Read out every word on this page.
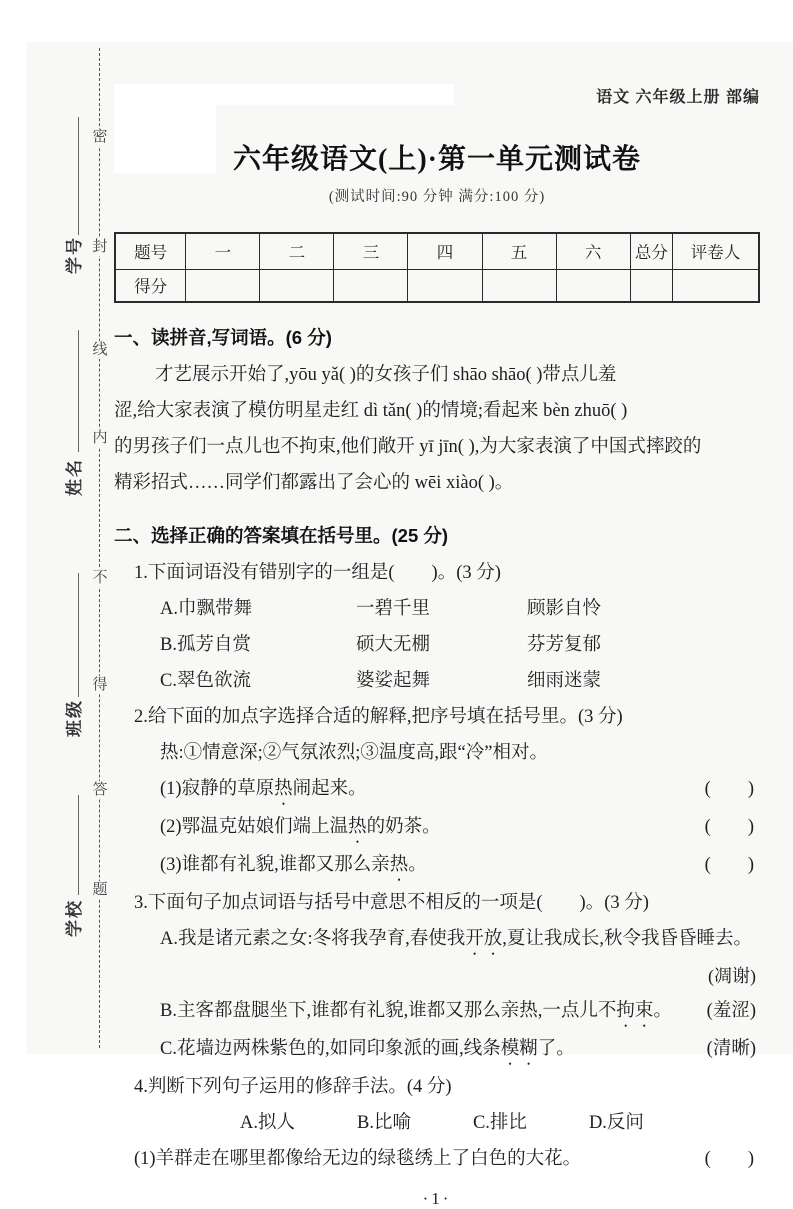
密
封
线
内
不
得
答
题
学号
姓名
班级
学校
语文 六年级上册 部编
六年级语文(上)·第一单元测试卷
(测试时间:90 分钟 满分:100 分)
题号	一	二	三	四	五	六	总分	评卷人
得分								
一、读拼音,写词语。(6 分)
才艺展示开始了,yōu yǎ( )的女孩子们 shāo shāo( )带点儿羞
涩,给大家表演了模仿明星走红 dì tǎn( )的情境;看起来 bèn zhuō( )
的男孩子们一点儿也不拘束,他们敞开 yī jīn( ),为大家表演了中国式摔跤的
精彩招式……同学们都露出了会心的 wēi xiào( )。
二、选择正确的答案填在括号里。(25 分)
1.下面词语没有错别字的一组是(　　)。(3 分)
A.巾飘带舞	一碧千里	顾影自怜
B.孤芳自赏	硕大无棚	芬芳复郁
C.翠色欲流	婆娑起舞	细雨迷蒙
2.给下面的加点字选择合适的解释,把序号填在括号里。(3 分)
热:①情意深;②气氛浓烈;③温度高,跟“冷”相对。
(1)寂静的草原热闹起来。	(　　)
(2)鄂温克姑娘们端上温热的奶茶。	(　　)
(3)谁都有礼貌,谁都又那么亲热。	(　　)
3.下面句子加点词语与括号中意思不相反的一项是(　　)。(3 分)
A.我是诸元素之女:冬将我孕育,春使我开放,夏让我成长,秋令我昏昏睡去。
(凋谢)
B.主客都盘腿坐下,谁都有礼貌,谁都又那么亲热,一点儿不拘束。 (羞涩)
C.花墙边两株紫色的,如同印象派的画,线条模糊了。	(清晰)
4.判断下列句子运用的修辞手法。(4 分)
A.拟人	B.比喻	C.排比	D.反问
(1)羊群走在哪里都像给无边的绿毯绣上了白色的大花。	(　　)
·1·
